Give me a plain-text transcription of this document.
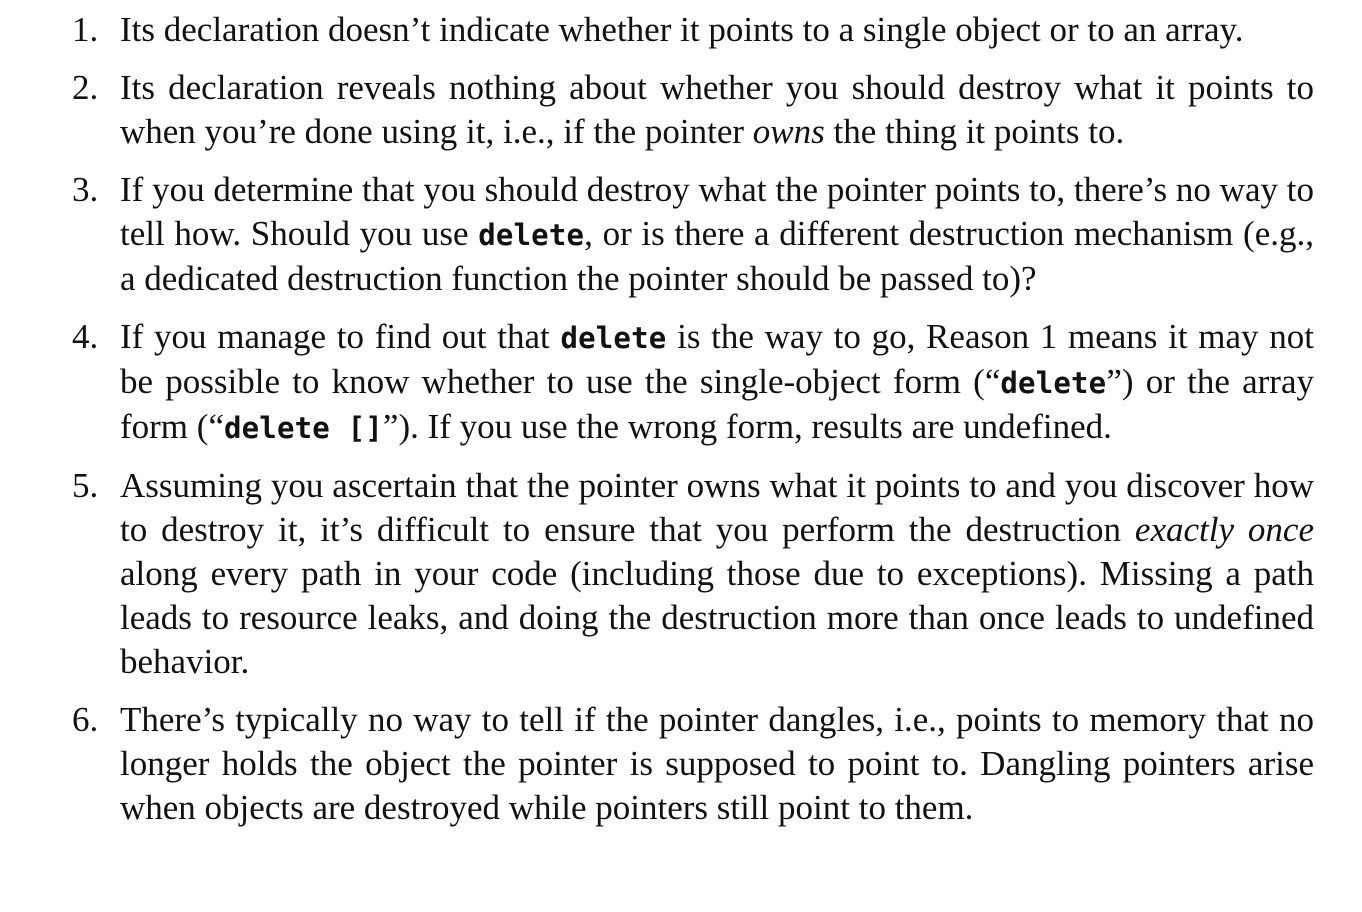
1. Its declaration doesn’t indicate whether it points to a single object or to an array.
2. Its declaration reveals nothing about whether you should destroy what it points to when you’re done using it, i.e., if the pointer owns the thing it points to.
3. If you determine that you should destroy what the pointer points to, there’s no way to tell how. Should you use delete, or is there a different destruction mechanism (e.g., a dedicated destruction function the pointer should be passed to)?
4. If you manage to find out that delete is the way to go, Reason 1 means it may not be possible to know whether to use the single-object form (“delete”) or the array form (“delete []”). If you use the wrong form, results are undefined.
5. Assuming you ascertain that the pointer owns what it points to and you discover how to destroy it, it’s difficult to ensure that you perform the destruction exactly once along every path in your code (including those due to exceptions). Missing a path leads to resource leaks, and doing the destruction more than once leads to undefined behavior.
6. There’s typically no way to tell if the pointer dangles, i.e., points to memory that no longer holds the object the pointer is supposed to point to. Dangling pointers arise when objects are destroyed while pointers still point to them.
